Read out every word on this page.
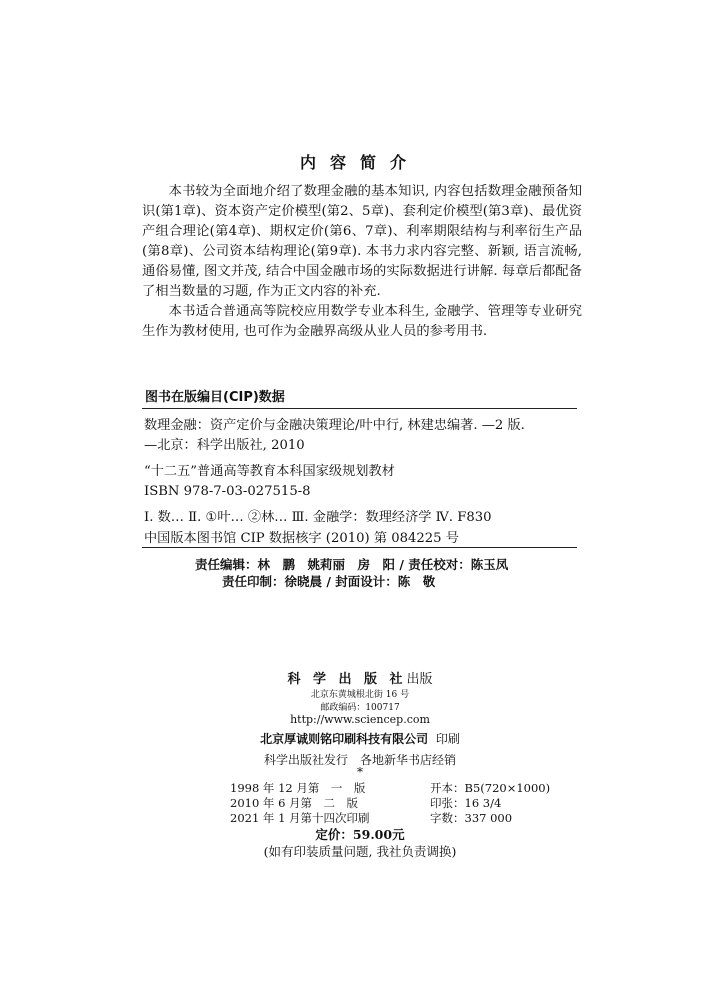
内容简介

本书较为全面地介绍了数理金融的基本知识, 内容包括数理金融预备知识(第1章)、资本资产定价模型(第2、5章)、套利定价模型(第3章)、最优资产组合理论(第4章)、期权定价(第6、7章)、利率期限结构与利率衍生产品(第8章)、公司资本结构理论(第9章). 本书力求内容完整、新颖, 语言流畅, 通俗易懂, 图文并茂, 结合中国金融市场的实际数据进行讲解. 每章后都配备了相当数量的习题, 作为正文内容的补充.

本书适合普通高等院校应用数学专业本科生, 金融学、管理等专业研究生作为教材使用, 也可作为金融界高级从业人员的参考用书.

图书在版编目(CIP)数据
数理金融：资产定价与金融决策理论/叶中行, 林建忠编著. —2 版.
—北京：科学出版社, 2010
“十二五”普通高等教育本科国家级规划教材
ISBN 978-7-03-027515-8
Ⅰ. 数… Ⅱ. ①叶… ②林… Ⅲ. 金融学：数理经济学 Ⅳ. F830
中国版本图书馆 CIP 数据核字 (2010) 第 084225 号
责任编辑：林　鹏　姚莉丽　房　阳 / 责任校对：陈玉凤
责任印制：徐晓晨 / 封面设计：陈　敬
科 学 出 版 社出版
北京东黄城根北街 16 号
邮政编码：100717
http://www.sciencep.com
北京厚诚则铭印刷科技有限公司 印刷
科学出版社发行　各地新华书店经销
*
1998 年 12 月第　一　版	开本：B5(720×1000)
2010 年 6 月第　二　版	印张：16 3/4
2021 年 1 月第十四次印刷	字数：337 000
定价：59.00元
(如有印装质量问题, 我社负责调换)
